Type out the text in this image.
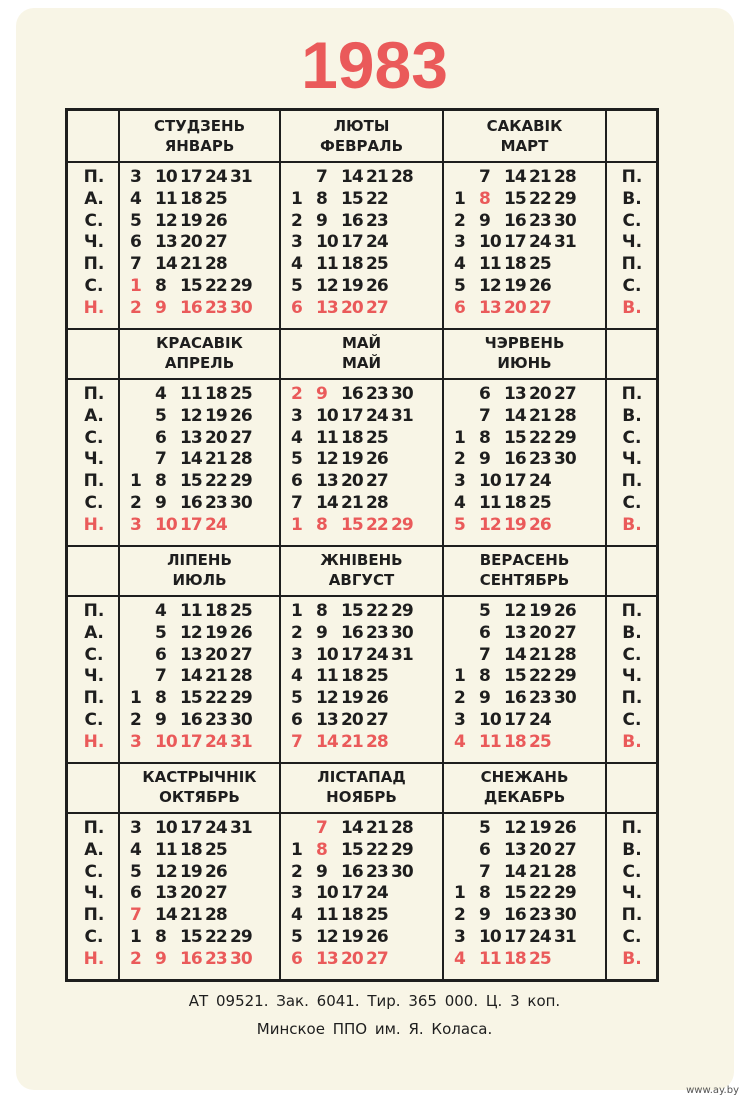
1983
П.
А.
С.
Ч.
П.
С.
Н.
П.
В.
С.
Ч.
П.
С.
В.
СТУДЗЕНЬ
ЯНВАРЬ
3 10 17 24 31
4 11 18 25
5 12 19 26
6 13 20 27
7 14 21 28
1 8 15 22 29
2 9 16 23 30
ЛЮТЫ
ФЕВРАЛЬ
7 14 21 28
1 8 15 22
2 9 16 23
3 10 17 24
4 11 18 25
5 12 19 26
6 13 20 27
САКАВІК
МАРТ
7 14 21 28
1 8 15 22 29
2 9 16 23 30
3 10 17 24 31
4 11 18 25
5 12 19 26
6 13 20 27
П.
А.
С.
Ч.
П.
С.
Н.
П.
В.
С.
Ч.
П.
С.
В.
КРАСАВІК
АПРЕЛЬ
4 11 18 25
5 12 19 26
6 13 20 27
7 14 21 28
1 8 15 22 29
2 9 16 23 30
3 10 17 24
МАЙ
МАЙ
2 9 16 23 30
3 10 17 24 31
4 11 18 25
5 12 19 26
6 13 20 27
7 14 21 28
1 8 15 22 29
ЧЭРВЕНЬ
ИЮНЬ
6 13 20 27
7 14 21 28
1 8 15 22 29
2 9 16 23 30
3 10 17 24
4 11 18 25
5 12 19 26
П.
А.
С.
Ч.
П.
С.
Н.
П.
В.
С.
Ч.
П.
С.
В.
ЛІПЕНЬ
ИЮЛЬ
4 11 18 25
5 12 19 26
6 13 20 27
7 14 21 28
1 8 15 22 29
2 9 16 23 30
3 10 17 24 31
ЖНІВЕНЬ
АВГУСТ
1 8 15 22 29
2 9 16 23 30
3 10 17 24 31
4 11 18 25
5 12 19 26
6 13 20 27
7 14 21 28
ВЕРАСЕНЬ
СЕНТЯБРЬ
5 12 19 26
6 13 20 27
7 14 21 28
1 8 15 22 29
2 9 16 23 30
3 10 17 24
4 11 18 25
П.
А.
С.
Ч.
П.
С.
Н.
П.
В.
С.
Ч.
П.
С.
В.
КАСТРЫЧНІК
ОКТЯБРЬ
3 10 17 24 31
4 11 18 25
5 12 19 26
6 13 20 27
7 14 21 28
1 8 15 22 29
2 9 16 23 30
ЛІСТАПАД
НОЯБРЬ
7 14 21 28
1 8 15 22 29
2 9 16 23 30
3 10 17 24
4 11 18 25
5 12 19 26
6 13 20 27
СНЕЖАНЬ
ДЕКАБРЬ
5 12 19 26
6 13 20 27
7 14 21 28
1 8 15 22 29
2 9 16 23 30
3 10 17 24 31
4 11 18 25
АТ 09521. Зак. 6041. Тир. 365 000. Ц. 3 коп.
Минское ППО им. Я. Коласа.
www.ay.by
